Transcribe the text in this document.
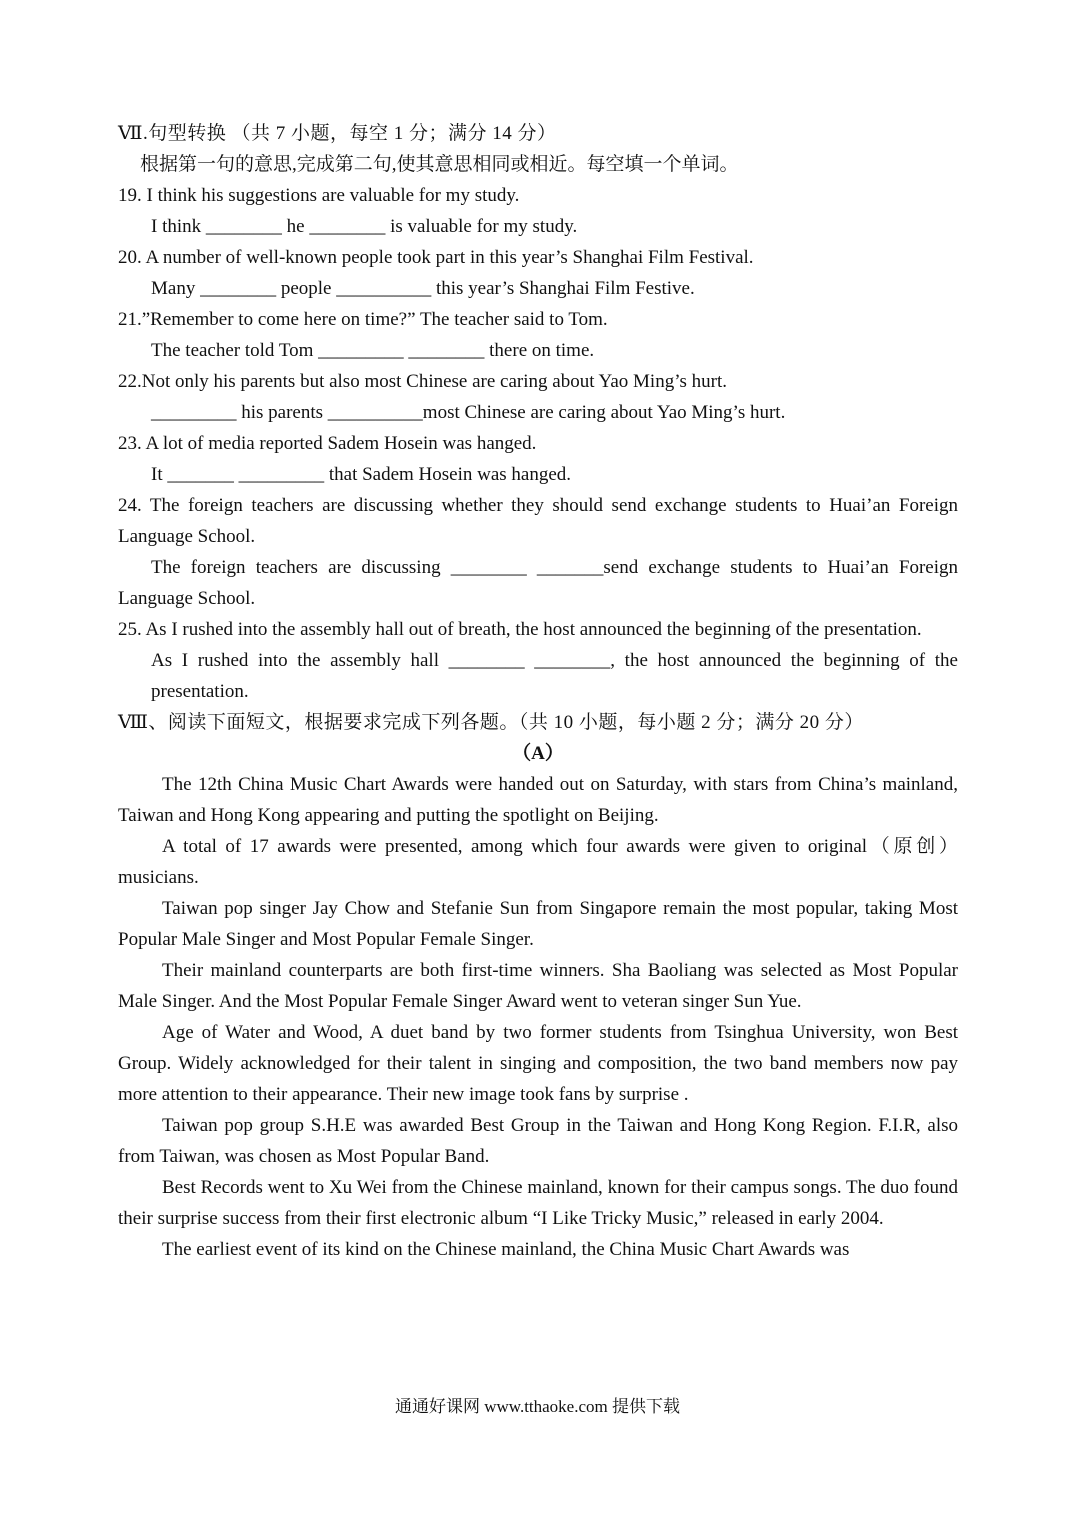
Ⅶ.句型转换 （共 7 小题，每空 1 分；满分 14 分）
根据第一句的意思,完成第二句,使其意思相同或相近。每空填一个单词。
19. I think his suggestions are valuable for my study.
I think ________ he ________ is valuable for my study.
20. A number of well-known people took part in this year’s Shanghai Film Festival.
Many ________ people __________ this year’s Shanghai Film Festive.
21.”Remember to come here on time?” The teacher said to Tom.
The teacher told Tom _________ ________ there on time.
22.Not only his parents but also most Chinese are caring about Yao Ming’s hurt.
_________ his parents __________most Chinese are caring about Yao Ming’s hurt.
23. A lot of media reported Sadem Hosein was hanged.
It _______ _________ that Sadem Hosein was hanged.
24. The foreign teachers are discussing whether they should send exchange students to Huai’an Foreign Language School.
The foreign teachers are discussing ________ _______send exchange students to Huai’an Foreign Language School.
25. As I rushed into the assembly hall out of breath, the host announced the beginning of the presentation.
As I rushed into the assembly hall ________ ________, the host announced the beginning of the presentation.
Ⅷ、阅读下面短文，根据要求完成下列各题。（共 10 小题，每小题 2 分；满分 20 分）
（A）
The 12th China Music Chart Awards were handed out on Saturday, with stars from China’s mainland, Taiwan and Hong Kong appearing and putting the spotlight on Beijing.
A total of 17 awards were presented, among which four awards were given to original（原创） musicians.
Taiwan pop singer Jay Chow and Stefanie Sun from Singapore remain the most popular, taking Most Popular Male Singer and Most Popular Female Singer.
Their mainland counterparts are both first-time winners. Sha Baoliang was selected as Most Popular Male Singer. And the Most Popular Female Singer Award went to veteran singer Sun Yue.
Age of Water and Wood, A duet band by two former students from Tsinghua University, won Best Group. Widely acknowledged for their talent in singing and composition, the two band members now pay more attention to their appearance. Their new image took fans by surprise .
Taiwan pop group S.H.E was awarded Best Group in the Taiwan and Hong Kong Region. F.I.R, also from Taiwan, was chosen as Most Popular Band.
Best Records went to Xu Wei from the Chinese mainland, known for their campus songs. The duo found their surprise success from their first electronic album “I Like Tricky Music,” released in early 2004.
The earliest event of its kind on the Chinese mainland, the China Music Chart Awards was
通通好课网 www.tthaoke.com 提供下载
